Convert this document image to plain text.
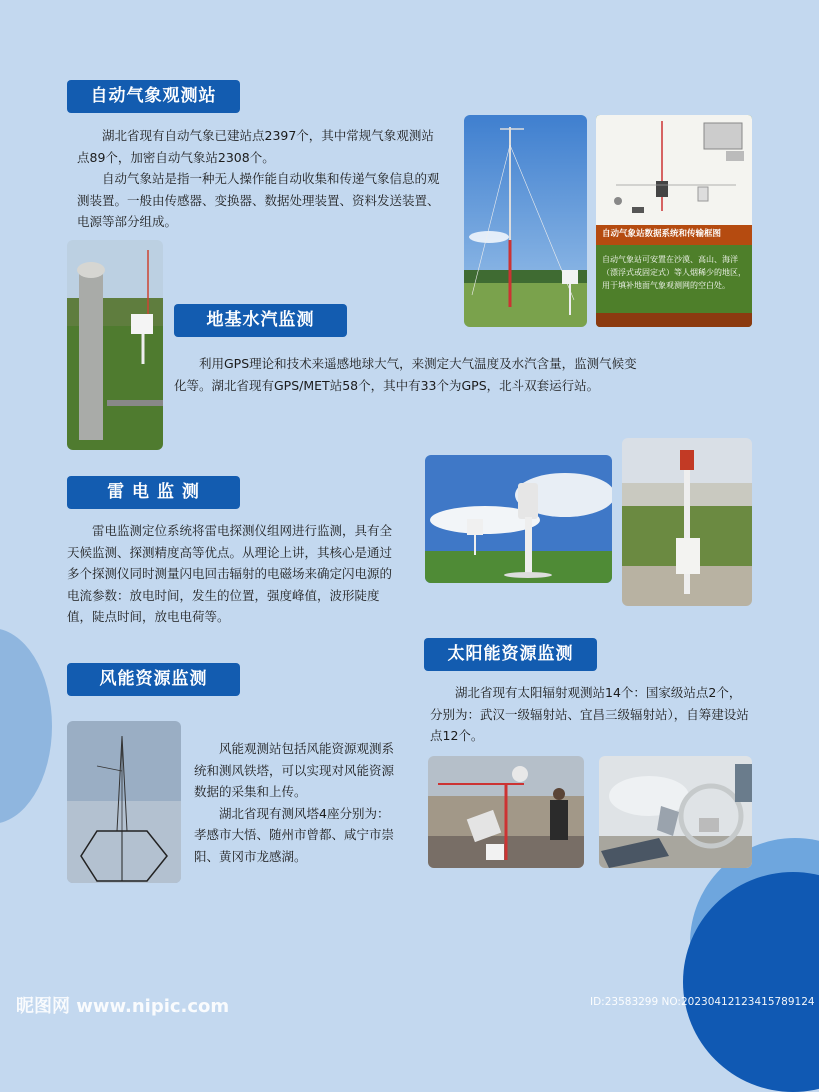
自动气象观测站

湖北省现有自动气象已建站点2397个，其中常规气象观测站点89个，加密自动气象站2308个。

自动气象站是指一种无人操作能自动收集和传递气象信息的观测装置。一般由传感器、变换器、数据处理装置、资料发送装置、电源等部分组成。

自动气象站数据系统和传输框图
自动气象站可安置在沙漠、高山、海洋（漂浮式或固定式）等人烟稀少的地区，用于填补地面气象观测网的空白处。
地基水汽监测

利用GPS理论和技术来遥感地球大气，来测定大气温度及水汽含量，监测气候变化等。湖北省现有GPS/MET站58个，其中有33个为GPS，北斗双套运行站。

雷 电 监 测

雷电监测定位系统将雷电探测仪组网进行监测，具有全天候监测、探测精度高等优点。从理论上讲，其核心是通过多个探测仪同时测量闪电回击辐射的电磁场来确定闪电源的电流参数：放电时间，发生的位置，强度峰值，波形陡度值，陡点时间，放电电荷等。

风能资源监测

风能观测站包括风能资源观测系统和测风铁塔，可以实现对风能资源数据的采集和上传。

湖北省现有测风塔4座分别为：孝感市大悟、随州市曾都、咸宁市崇阳、黄冈市龙感湖。

太阳能资源监测

湖北省现有太阳辐射观测站14个：国家级站点2个，分别为：武汉一级辐射站、宜昌三级辐射站），自筹建设站点12个。

昵图网 www.nipic.com	ID:23583299 NO:20230412123415789124
